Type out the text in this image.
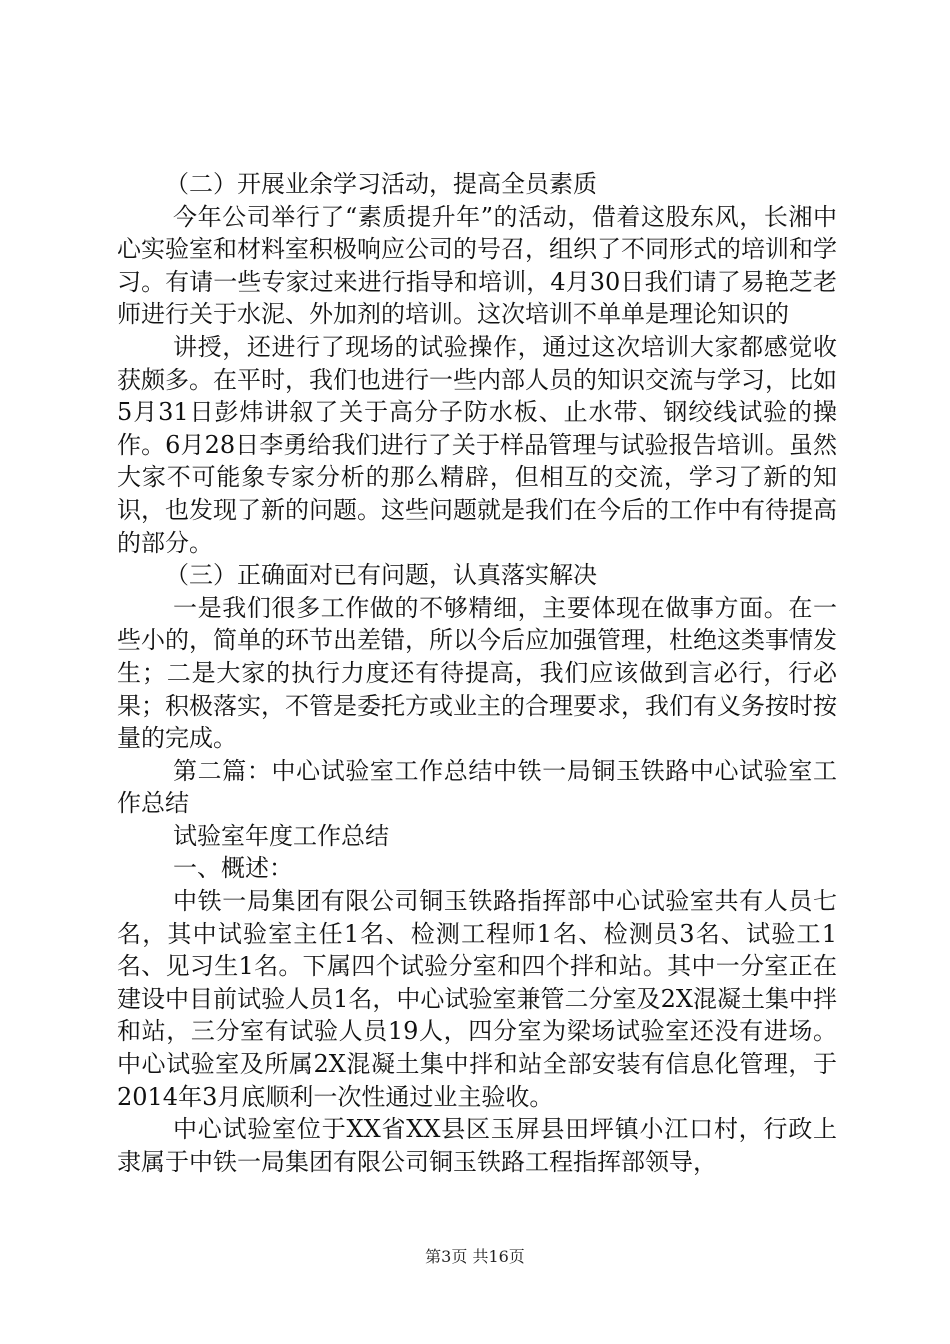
（二）开展业余学习活动，提高全员素质

今年公司举行了“素质提升年”的活动，借着这股东风，长湘中心实验室和材料室积极响应公司的号召，组织了不同形式的培训和学习。有请一些专家过来进行指导和培训，4月30日我们请了易艳芝老师进行关于水泥、外加剂的培训。这次培训不单单是理论知识的

讲授，还进行了现场的试验操作，通过这次培训大家都感觉收获颇多。在平时，我们也进行一些内部人员的知识交流与学习，比如5月31日彭炜讲叙了关于高分子防水板、止水带、钢绞线试验的操作。6月28日李勇给我们进行了关于样品管理与试验报告培训。虽然大家不可能象专家分析的那么精辟，但相互的交流，学习了新的知识，也发现了新的问题。这些问题就是我们在今后的工作中有待提高的部分。

（三）正确面对已有问题，认真落实解决

一是我们很多工作做的不够精细，主要体现在做事方面。在一些小的，简单的环节出差错，所以今后应加强管理，杜绝这类事情发生；二是大家的执行力度还有待提高，我们应该做到言必行，行必果；积极落实，不管是委托方或业主的合理要求，我们有义务按时按量的完成。

第二篇：中心试验室工作总结中铁一局铜玉铁路中心试验室工作总结

试验室年度工作总结

一、概述：

中铁一局集团有限公司铜玉铁路指挥部中心试验室共有人员七名，其中试验室主任1名、检测工程师1名、检测员3名、试验工1名、见习生1名。下属四个试验分室和四个拌和站。其中一分室正在建设中目前试验人员1名，中心试验室兼管二分室及2X混凝土集中拌和站，三分室有试验人员19人，四分室为梁场试验室还没有进场。中心试验室及所属2X混凝土集中拌和站全部安装有信息化管理，于2014年3月底顺利一次性通过业主验收。

中心试验室位于XX省XX县区玉屏县田坪镇小江口村，行政上隶属于中铁一局集团有限公司铜玉铁路工程指挥部领导，

第3页 共16页
